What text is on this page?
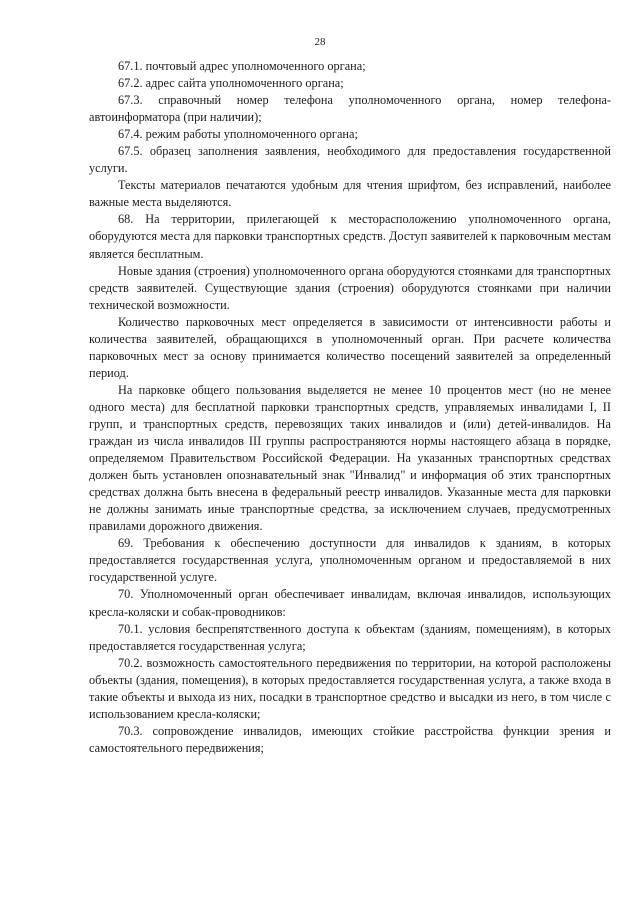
28

67.1. почтовый адрес уполномоченного органа;

67.2. адрес сайта уполномоченного органа;

67.3. справочный номер телефона уполномоченного органа, номер телефона-автоинформатора (при наличии);

67.4. режим работы уполномоченного органа;

67.5. образец заполнения заявления, необходимого для предоставления государственной услуги.

Тексты материалов печатаются удобным для чтения шрифтом, без исправлений, наиболее важные места выделяются.

68. На территории, прилегающей к месторасположению уполномоченного органа, оборудуются места для парковки транспортных средств. Доступ заявителей к парковочным местам является бесплатным.

Новые здания (строения) уполномоченного органа оборудуются стоянками для транспортных средств заявителей. Существующие здания (строения) оборудуются стоянками при наличии технической возможности.

Количество парковочных мест определяется в зависимости от интенсивности работы и количества заявителей, обращающихся в уполномоченный орган. При расчете количества парковочных мест за основу принимается количество посещений заявителей за определенный период.

На парковке общего пользования выделяется не менее 10 процентов мест (но не менее одного места) для бесплатной парковки транспортных средств, управляемых инвалидами I, II групп, и транспортных средств, перевозящих таких инвалидов и (или) детей-инвалидов. На граждан из числа инвалидов III группы распространяются нормы настоящего абзаца в порядке, определяемом Правительством Российской Федерации. На указанных транспортных средствах должен быть установлен опознавательный знак "Инвалид" и информация об этих транспортных средствах должна быть внесена в федеральный реестр инвалидов. Указанные места для парковки не должны занимать иные транспортные средства, за исключением случаев, предусмотренных правилами дорожного движения.

69. Требования к обеспечению доступности для инвалидов к зданиям, в которых предоставляется государственная услуга, уполномоченным органом и предоставляемой в них государственной услуге.

70. Уполномоченный орган обеспечивает инвалидам, включая инвалидов, использующих кресла-коляски и собак-проводников:

70.1. условия беспрепятственного доступа к объектам (зданиям, помещениям), в которых предоставляется государственная услуга;

70.2. возможность самостоятельного передвижения по территории, на которой расположены объекты (здания, помещения), в которых предоставляется государственная услуга, а также входа в такие объекты и выхода из них, посадки в транспортное средство и высадки из него, в том числе с использованием кресла-коляски;

70.3. сопровождение инвалидов, имеющих стойкие расстройства функции зрения и самостоятельного передвижения;
